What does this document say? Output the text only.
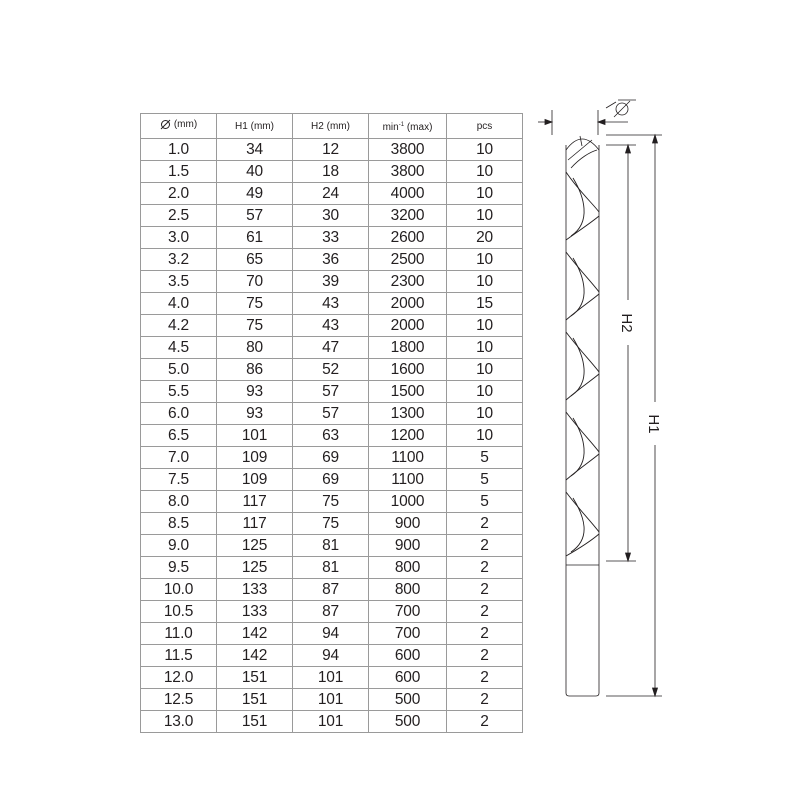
(mm)	H1 (mm)	H2 (mm)	$\min^{-1} (\max)$	pcs
1.0	34	12	3800	10
1.5	40	18	3800	10
2.0	49	24	4000	10
2.5	57	30	3200	10
3.0	61	33	2600	20
3.2	65	36	2500	10
3.5	70	39	2300	10
4.0	75	43	2000	15
4.2	75	43	2000	10
4.5	80	47	1800	10
5.0	86	52	1600	10
5.5	93	57	1500	10
6.0	93	57	1300	10
6.5	101	63	1200	10
7.0	109	69	1100	5
7.5	109	69	1100	5
8.0	117	75	1000	5
8.5	117	75	900	2
9.0	125	81	900	2
9.5	125	81	800	2
10.0	133	87	800	2
10.5	133	87	700	2
11.0	142	94	700	2
11.5	142	94	600	2
12.0	151	101	600	2
12.5	151	101	500	2
13.0	151	101	500	2
H2
H1
